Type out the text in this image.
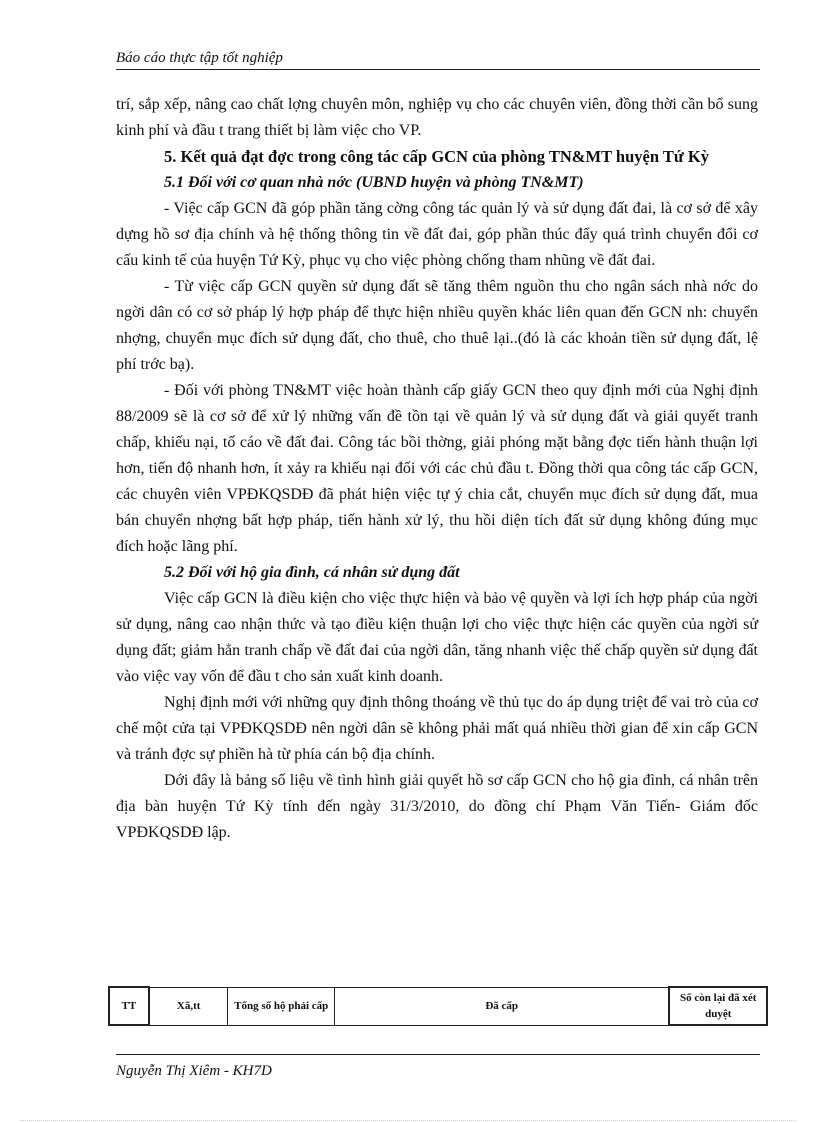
Báo cáo thực tập tốt nghiệp

trí, sắp xếp, nâng cao chất lợng chuyên môn, nghiệp vụ cho các chuyên viên, đồng thời cần bổ sung kinh phí và đầu t trang thiết bị làm việc cho VP.

5. Kết quả đạt đợc trong công tác cấp GCN của phòng TN&MT huyện Tứ Kỳ

5.1 Đối với cơ quan nhà nớc (UBND huyện và phòng TN&MT)

- Việc cấp GCN đã góp phần tăng cờng công tác quản lý và sử dụng đất đai, là cơ sở để xây dựng hồ sơ địa chính và hệ thống thông tin về đất đai, góp phần thúc đẩy quá trình chuyển đổi cơ cấu kinh tế của huyện Tứ Kỳ, phục vụ cho việc phòng chống tham nhũng về đất đai.

- Từ việc cấp GCN quyền sử dụng đất sẽ tăng thêm nguồn thu cho ngân sách nhà nớc do ngời dân có cơ sở pháp lý hợp pháp để thực hiện nhiều quyền khác liên quan đến GCN nh: chuyển nhợng, chuyển mục đích sử dụng đất, cho thuê, cho thuê lại..(đó là các khoản tiền sử dụng đất, lệ phí trớc bạ).

- Đối với phòng TN&MT việc hoàn thành cấp giấy GCN theo quy định mới của Nghị định 88/2009 sẽ là cơ sở để xử lý những vấn đề tồn tại về quản lý và sử dụng đất và giải quyết tranh chấp, khiếu nại, tố cáo về đất đai. Công tác bồi thờng, giải phóng mặt bằng đợc tiến hành thuận lợi hơn, tiến độ nhanh hơn, ít xảy ra khiếu nại đối với các chủ đầu t. Đồng thời qua công tác cấp GCN, các chuyên viên VPĐKQSDĐ đã phát hiện việc tự ý chia cắt, chuyển mục đích sử dụng đất, mua bán chuyển nhợng bất hợp pháp, tiến hành xử lý, thu hồi diện tích đất sử dụng không đúng mục đích hoặc lãng phí.

5.2 Đối với hộ gia đình, cá nhân sử dụng đất

Việc cấp GCN là điều kiện cho việc thực hiện và bảo vệ quyền và lợi ích hợp pháp của ngời sử dụng, nâng cao nhận thức và tạo điều kiện thuận lợi cho việc thực hiện các quyền của ngời sử dụng đất; giảm hẳn tranh chấp về đất đai của ngời dân, tăng nhanh việc thế chấp quyền sử dụng đất vào việc vay vốn để đầu t cho sản xuất kinh doanh.

Nghị định mới với những quy định thông thoáng về thủ tục do áp dụng triệt để vai trò của cơ chế một cửa tại VPĐKQSDĐ nên ngời dân sẽ không phải mất quá nhiều thời gian để xin cấp GCN và tránh đợc sự phiền hà từ phía cán bộ địa chính.

Dới đây là bảng số liệu về tình hình giải quyết hồ sơ cấp GCN cho hộ gia đình, cá nhân trên địa bàn huyện Tứ Kỳ tính đến ngày 31/3/2010, do đồng chí Phạm Văn Tiến- Giám đốc VPĐKQSDĐ lập.

TT	Xã,tt	Tổng số hộ phải cấp	Đã cấp	Số còn lại đã xét duyệt
Nguyễn Thị Xiêm - KH7D
